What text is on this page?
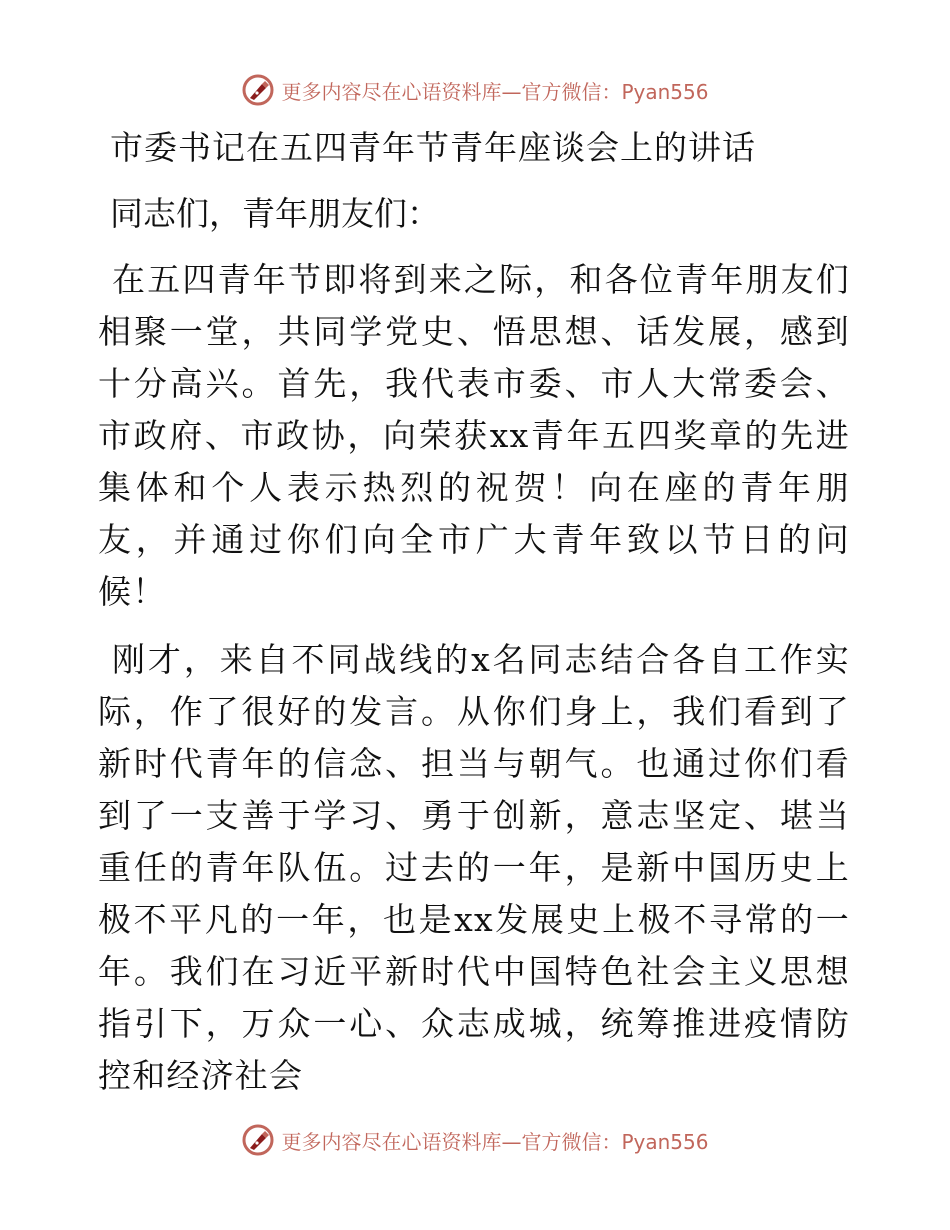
更多内容尽在心语资料库—官方微信：Pyan556
市委书记在五四青年节青年座谈会上的讲话
同志们，青年朋友们：

在五四青年节即将到来之际，和各位青年朋友们相聚一堂，共同学党史、悟思想、话发展，感到十分高兴。首先，我代表市委、市人大常委会、市政府、市政协，向荣获xx青年五四奖章的先进集体和个人表示热烈的祝贺！向在座的青年朋友，并通过你们向全市广大青年致以节日的问候！

刚才，来自不同战线的x名同志结合各自工作实际，作了很好的发言。从你们身上，我们看到了新时代青年的信念、担当与朝气。也通过你们看到了一支善于学习、勇于创新，意志坚定、堪当重任的青年队伍。过去的一年，是新中国历史上极不平凡的一年，也是xx发展史上极不寻常的一年。我们在习近平新时代中国特色社会主义思想指引下，万众一心、众志成城，统筹推进疫情防控和经济社会

更多内容尽在心语资料库—官方微信：Pyan556
